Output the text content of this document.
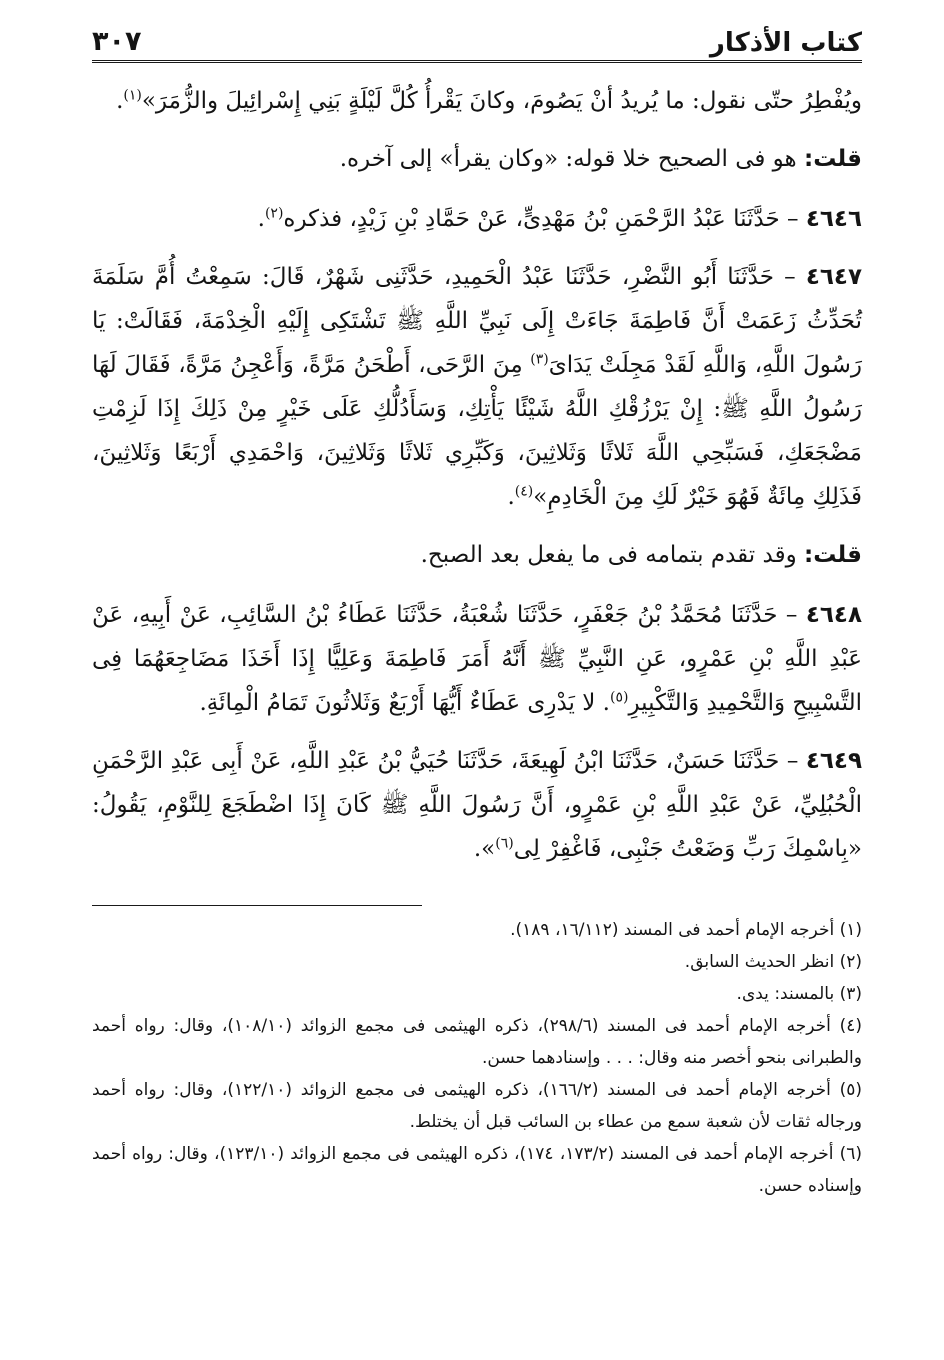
كتاب الأذكار
٣٠٧

ويُفْطِرُ حتّى نقول: ما يُريدُ أنْ يَصُومَ، وكانَ يَقْرأُ كُلَّ لَيْلَةٍ بَنِي إِسْرائِيلَ والزُّمَرَ»$^{(١)}$.

قلت: هو فى الصحيح خلا قوله: «وكان يقرأ» إلى آخره.

٤٦٤٦ – حَدَّثَنَا عَبْدُ الرَّحْمَنِ بْنُ مَهْدِىٍّ، عَنْ حَمَّادِ بْنِ زَيْدٍ، فذكره$^{(٢)}$.

٤٦٤٧ – حَدَّثَنَا أَبُو النَّضْرِ، حَدَّثَنَا عَبْدُ الْحَمِيدِ، حَدَّثَنِى شَهْرٌ، قَالَ: سَمِعْتُ أُمَّ سَلَمَةَ تُحَدِّثُ زَعَمَتْ أَنَّ فَاطِمَةَ جَاءَتْ إِلَى نَبِيِّ اللَّهِ ﷺ تَشْتَكِى إِلَيْهِ الْخِدْمَةَ، فَقَالَتْ: يَا رَسُولَ اللَّهِ، وَاللَّهِ لَقَدْ مَجِلَتْ يَدَاىَ$^{(٣)}$ مِنَ الرَّحَى، أَطْحَنُ مَرَّةً، وَأَعْجِنُ مَرَّةً، فَقَالَ لَهَا رَسُولُ اللَّهِ ﷺ: إِنْ يَرْزُقْكِ اللَّهُ شَيْئًا يَأْتِكِ، وَسَأَدُلُّكِ عَلَى خَيْرٍ مِنْ ذَلِكَ إِذَا لَزِمْتِ مَضْجَعَكِ، فَسَبِّحِي اللَّهَ ثَلاثًا وَثَلاثِينَ، وَكَبِّرِي ثَلاثًا وَثَلاثِينَ، وَاحْمَدِي أَرْبَعًا وَثَلاثِينَ، فَذَلِكِ مِائَةٌ فَهُوَ خَيْرٌ لَكِ مِنَ الْخَادِمِ»$^{(٤)}$.

قلت: وقد تقدم بتمامه فى ما يفعل بعد الصبح.

٤٦٤٨ – حَدَّثَنَا مُحَمَّدُ بْنُ جَعْفَرٍ، حَدَّثَنَا شُعْبَةُ، حَدَّثَنَا عَطَاءُ بْنُ السَّائِبِ، عَنْ أَبِيهِ، عَنْ عَبْدِ اللَّهِ بْنِ عَمْرٍو، عَنِ النَّبِيِّ ﷺ أَنَّهُ أَمَرَ فَاطِمَةَ وَعَلِيًّا إِذَا أَخَذَا مَضَاجِعَهُمَا فِى التَّسْبِيحِ وَالتَّحْمِيدِ وَالتَّكْبِيرِ$^{(٥)}$. لا يَدْرِى عَطَاءٌ أَيُّهَا أَرْبَعٌ وَثَلاثُونَ تَمَامُ الْمِائَةِ.

٤٦٤٩ – حَدَّثَنَا حَسَنٌ، حَدَّثَنَا ابْنُ لَهِيعَةَ، حَدَّثَنَا حُيَيُّ بْنُ عَبْدِ اللَّهِ، عَنْ أَبِى عَبْدِ الرَّحْمَنِ الْحُبُلِيِّ، عَنْ عَبْدِ اللَّهِ بْنِ عَمْرٍو، أَنَّ رَسُولَ اللَّهِ ﷺ كَانَ إِذَا اضْطَجَعَ لِلنَّوْمِ، يَقُولُ: «بِاسْمِكَ رَبِّ وَضَعْتُ جَنْبِى، فَاغْفِرْ لِى$^{(٦)}$».

(١) أخرجه الإمام أحمد فى المسند (١٦/١١٢، ١٨٩).
(٢) انظر الحديث السابق.
(٣) بالمسند: يدى.
(٤) أخرجه الإمام أحمد فى المسند (٢٩٨/٦)، ذكره الهيثمى فى مجمع الزوائد (١٠٨/١٠)، وقال: رواه أحمد والطبرانى بنحو أخصر منه وقال: . . . وإسنادهما حسن.
(٥) أخرجه الإمام أحمد فى المسند (١٦٦/٢)، ذكره الهيثمى فى مجمع الزوائد (١٢٢/١٠)، وقال: رواه أحمد ورجاله ثقات لأن شعبة سمع من عطاء بن السائب قبل أن يختلط.
(٦) أخرجه الإمام أحمد فى المسند (١٧٣/٢، ١٧٤)، ذكره الهيثمى فى مجمع الزوائد (١٢٣/١٠)، وقال: رواه أحمد وإسناده حسن.
